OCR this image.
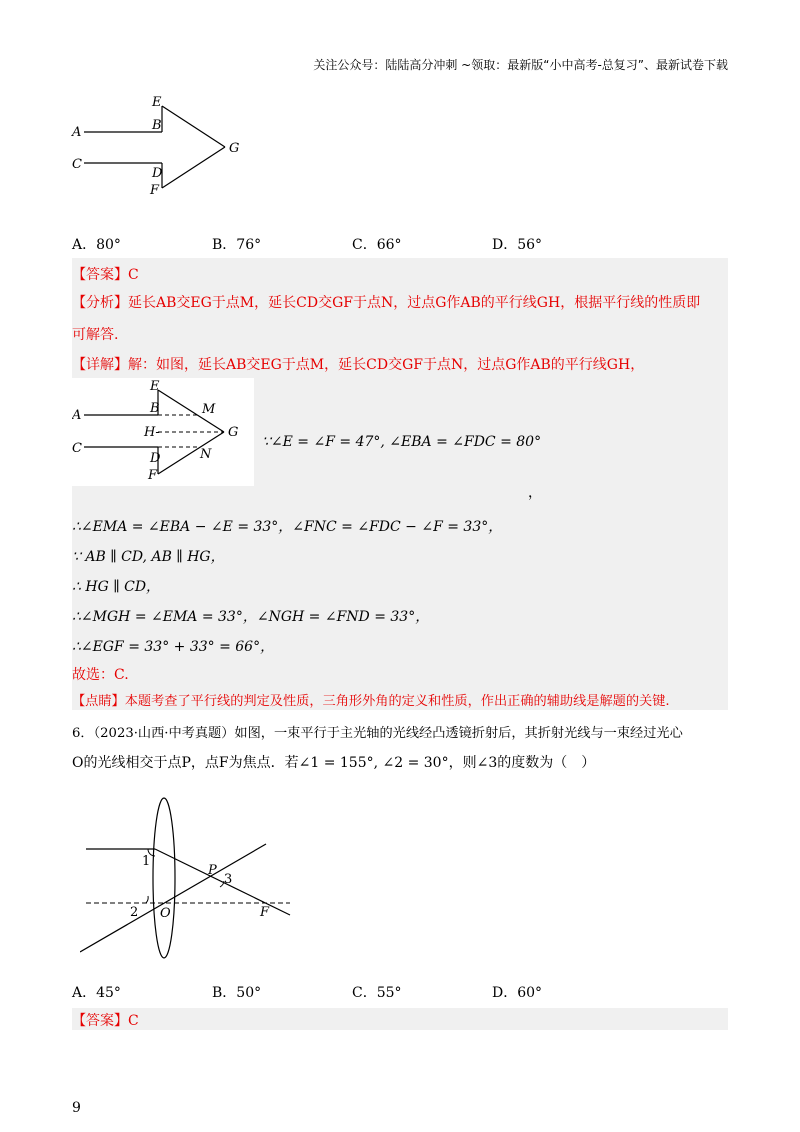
关注公众号：陆陆高分冲刺 ~领取：最新版“小中高考-总复习”、最新试卷下载
E
B
A
C
D
F
G
A．80°	B．76°	C．66°	D．56°
【答案】C
【分析】延长AB交EG于点M，延长CD交GF于点N，过点G作AB的平行线GH，根据平行线的性质即
可解答.
【详解】解：如图，延长AB交EG于点M，延长CD交GF于点N，过点G作AB的平行线GH，
E
B	M
A
H-	G
C	N
D
F
∵∠E = ∠F = 47°, ∠EBA = ∠FDC = 80°
，
∴∠EMA = ∠EBA − ∠E = 33°，∠FNC = ∠FDC − ∠F = 33°，
∵ AB ∥ CD, AB ∥ HG，
∴ HG ∥ CD，
∴∠MGH = ∠EMA = 33°，∠NGH = ∠FND = 33°，
∴∠EGF = 33° + 33° = 66°，
故选：C.
【点睛】本题考查了平行线的判定及性质，三角形外角的定义和性质，作出正确的辅助线是解题的关键.
6．（2023·山西·中考真题）如图，一束平行于主光轴的光线经凸透镜折射后，其折射光线与一束经过光心
O的光线相交于点P，点F为焦点．若∠1 = 155°, ∠2 = 30°，则∠3的度数为（　）
1
2 O
P
3
F
A．45°	B．50°	C．55°	D．60°
【答案】C
9
